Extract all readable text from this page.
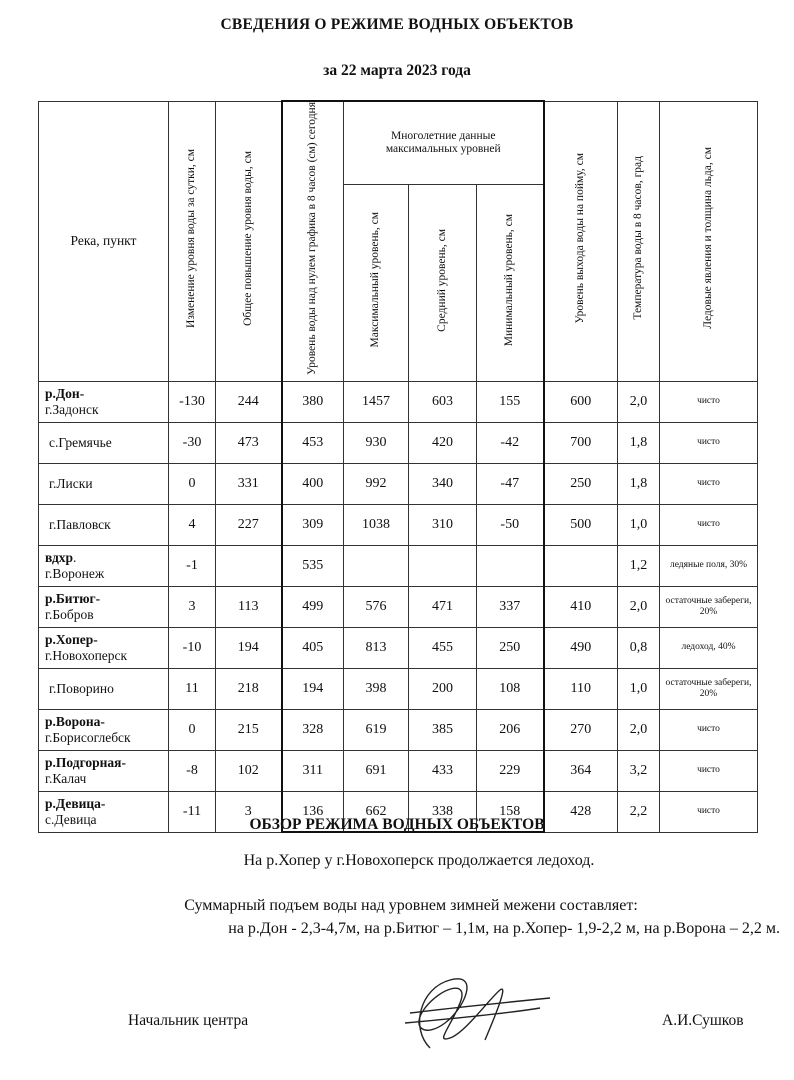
СВЕДЕНИЯ О РЕЖИМЕ ВОДНЫХ ОБЪЕКТОВ
за 22 марта 2023 года
Река, пункт	Изменение уровня воды за сутки, см	Общее повышение уровня воды, см	Уровень воды над нулем графика в 8 часов (см) сегодня	Многолетние данные максимальных уровней			Уровень выхода воды на пойму, см	Температура воды в 8 часов, град	Ледовые явления и толщина льда, см

				Максимальный уровень, см	Средний уровень, см	Минимальный уровень, см			

р.Дон-
г.Задонск	-130	244	380	1457	603	155	600	2,0	чисто
с.Гремячье	-30	473	453	930	420	-42	700	1,8	чисто
г.Лиски	0	331	400	992	340	-47	250	1,8	чисто
г.Павловск	4	227	309	1038	310	-50	500	1,0	чисто
вдхр.
г.Воронеж	-1		535					1,2	ледяные поля, 30%
р.Битюг-
г.Бобров	3	113	499	576	471	337	410	2,0	остаточные забереги, 20%
р.Хопер-
г.Новохоперск	-10	194	405	813	455	250	490	0,8	ледоход, 40%
г.Поворино	11	218	194	398	200	108	110	1,0	остаточные забереги, 20%
р.Ворона-
г.Борисоглебск	0	215	328	619	385	206	270	2,0	чисто
р.Подгорная-
г.Калач	-8	102	311	691	433	229	364	3,2	чисто
р.Девица-
с.Девица	-11	3	136	662	338	158	428	2,2	чисто
ОБЗОР РЕЖИМА ВОДНЫХ ОБЪЕКТОВ
На р.Хопер у г.Новохоперск продолжается ледоход.
Суммарный подъем воды над уровнем зимней межени составляет:
на р.Дон - 2,3-4,7м, на р.Битюг – 1,1м, на р.Хопер- 1,9-2,2 м, на р.Ворона – 2,2 м.
Начальник центра	А.И.Сушков
